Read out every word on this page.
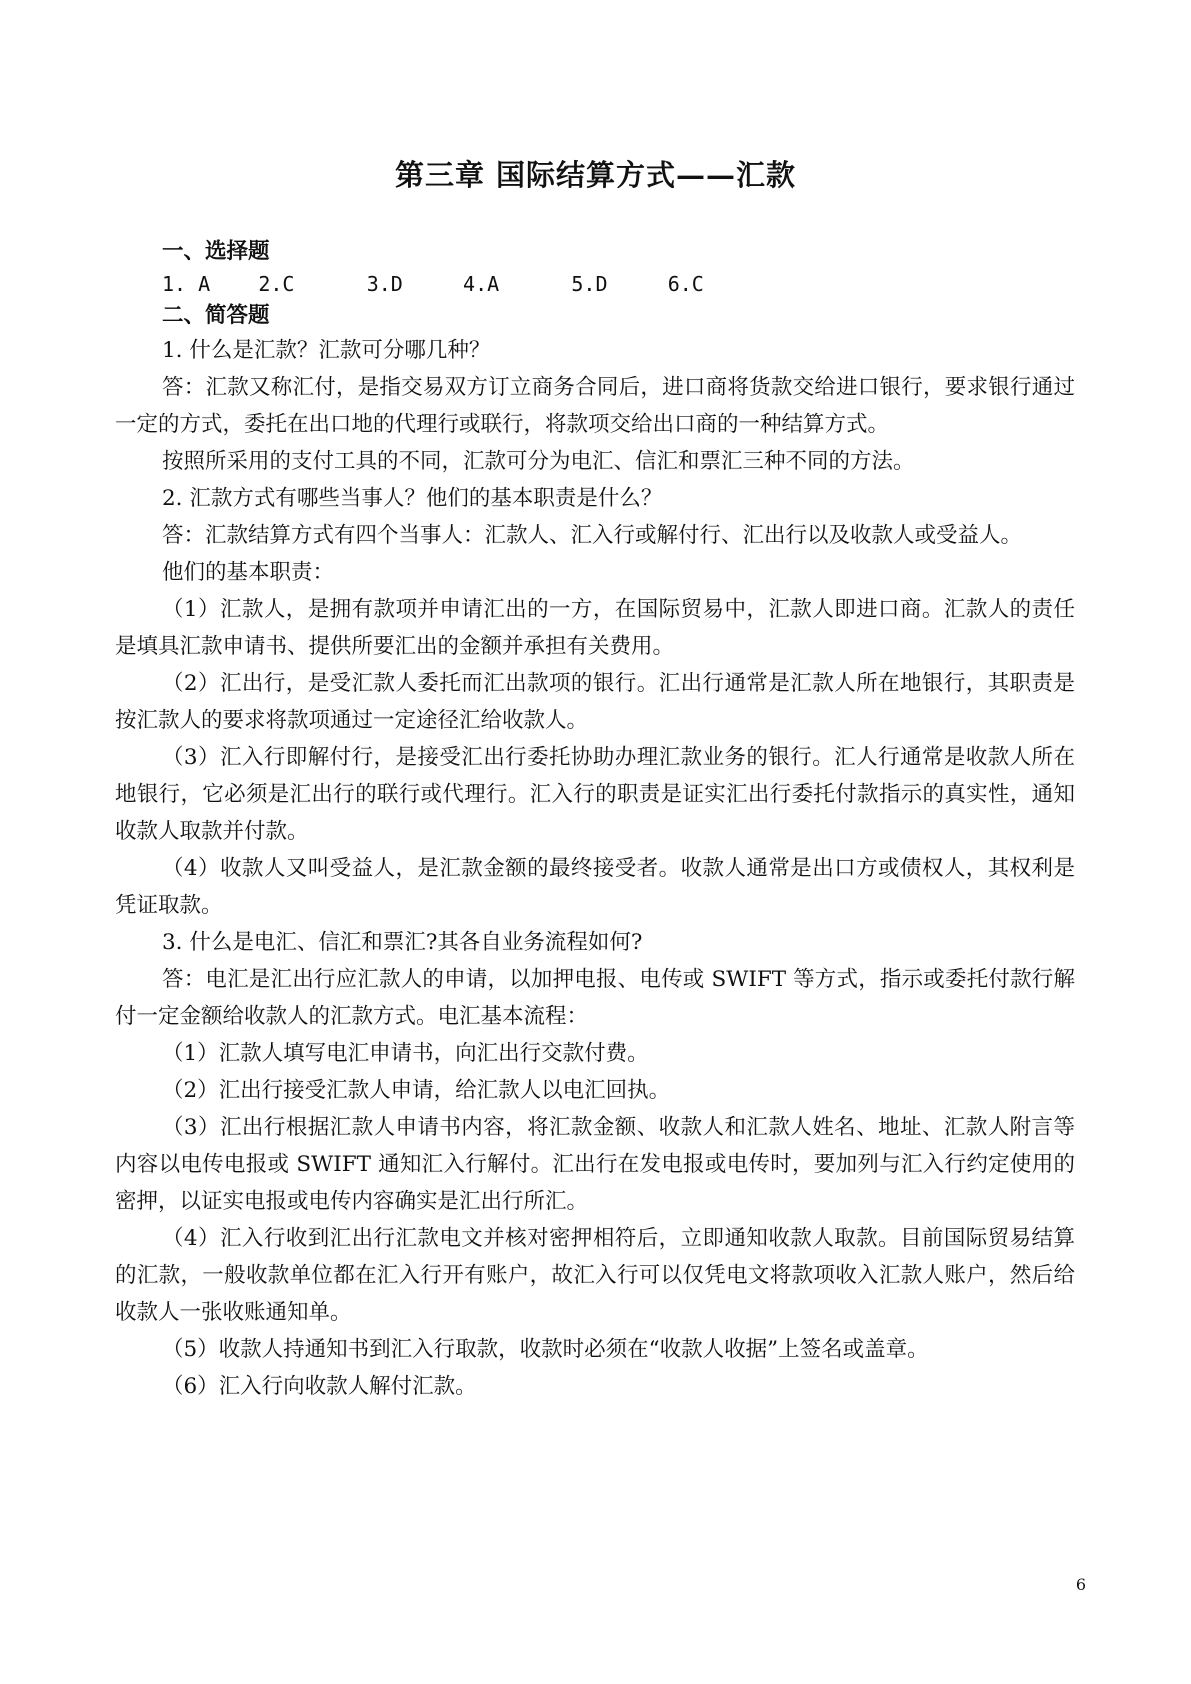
第三章 国际结算方式——汇款

一、选择题

1. A    2.C      3.D     4.A      5.D     6.C

二、简答题

1. 什么是汇款？汇款可分哪几种？

答：汇款又称汇付，是指交易双方订立商务合同后，进口商将货款交给进口银行，要求银行通过一定的方式，委托在出口地的代理行或联行，将款项交给出口商的一种结算方式。

按照所采用的支付工具的不同，汇款可分为电汇、信汇和票汇三种不同的方法。

2. 汇款方式有哪些当事人？他们的基本职责是什么？

答：汇款结算方式有四个当事人：汇款人、汇入行或解付行、汇出行以及收款人或受益人。

他们的基本职责：

（1）汇款人，是拥有款项并申请汇出的一方，在国际贸易中，汇款人即进口商。汇款人的责任是填具汇款申请书、提供所要汇出的金额并承担有关费用。

（2）汇出行，是受汇款人委托而汇出款项的银行。汇出行通常是汇款人所在地银行，其职责是按汇款人的要求将款项通过一定途径汇给收款人。

（3）汇入行即解付行，是接受汇出行委托协助办理汇款业务的银行。汇人行通常是收款人所在地银行，它必须是汇出行的联行或代理行。汇入行的职责是证实汇出行委托付款指示的真实性，通知收款人取款并付款。

（4）收款人又叫受益人，是汇款金额的最终接受者。收款人通常是出口方或债权人，其权利是凭证取款。

3. 什么是电汇、信汇和票汇?其各自业务流程如何?

答：电汇是汇出行应汇款人的申请，以加押电报、电传或 SWIFT 等方式，指示或委托付款行解付一定金额给收款人的汇款方式。电汇基本流程：

（1）汇款人填写电汇申请书，向汇出行交款付费。

（2）汇出行接受汇款人申请，给汇款人以电汇回执。

（3）汇出行根据汇款人申请书内容，将汇款金额、收款人和汇款人姓名、地址、汇款人附言等内容以电传电报或 SWIFT 通知汇入行解付。汇出行在发电报或电传时，要加列与汇入行约定使用的密押，以证实电报或电传内容确实是汇出行所汇。

（4）汇入行收到汇出行汇款电文并核对密押相符后，立即通知收款人取款。目前国际贸易结算的汇款，一般收款单位都在汇入行开有账户，故汇入行可以仅凭电文将款项收入汇款人账户，然后给收款人一张收账通知单。

（5）收款人持通知书到汇入行取款，收款时必须在“收款人收据”上签名或盖章。

（6）汇入行向收款人解付汇款。

6
